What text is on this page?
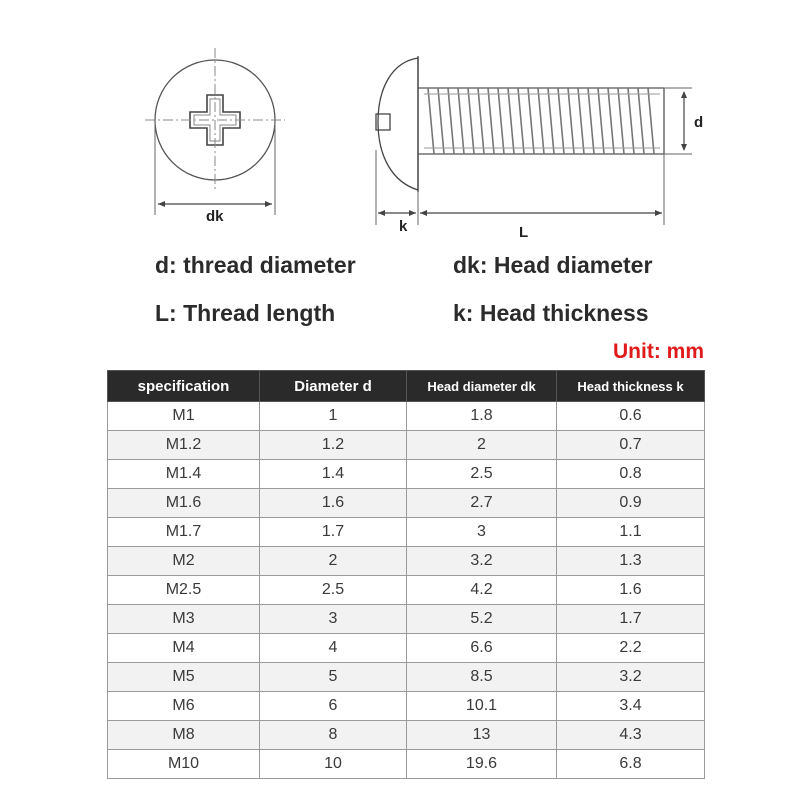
dk
d
k	L
d: thread diameter	dk: Head diameter
L: Thread length	k: Head thickness
Unit: mm
specification	Diameter d	Head diameter dk	Head thickness k
M1	1	1.8	0.6
M1.2	1.2	2	0.7
M1.4	1.4	2.5	0.8
M1.6	1.6	2.7	0.9
M1.7	1.7	3	1.1
M2	2	3.2	1.3
M2.5	2.5	4.2	1.6
M3	3	5.2	1.7
M4	4	6.6	2.2
M5	5	8.5	3.2
M6	6	10.1	3.4
M8	8	13	4.3
M10	10	19.6	6.8
